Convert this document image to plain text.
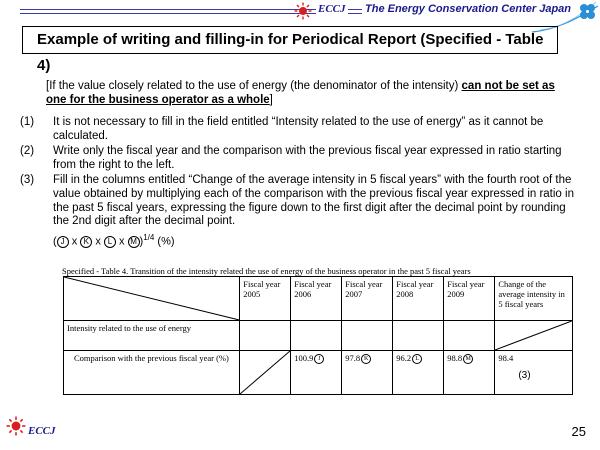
ECCJ The Energy Conservation Center Japan
Example of writing and filling-in for Periodical Report (Specified - Table 4)
[If the value closely related to the use of energy (the denominator of the intensity) can not be set as one for the business operator as a whole]
(1) It is not necessary to fill in the field entitled “Intensity related to the use of energy” as it cannot be calculated.
(2) Write only the fiscal year and the comparison with the previous fiscal year expressed in ratio starting from the right to the left.
(3) Fill in the columns entitled “Change of the average intensity in 5 fiscal years” with the fourth root of the value obtained by multiplying each of the comparison with the previous fiscal year expressed in ratio in the past 5 fiscal years, expressing the figure down to the first digit after the decimal point by rounding the 2nd digit after the decimal point.
( J x K x L x M )$^{1/4}$ (%)
Specified - Table 4. Transition of the intensity related the use of energy of the business operator in the past 5 fiscal years
	Fiscal year 2005	Fiscal year 2006	Fiscal year 2007	Fiscal year 2008	Fiscal year 2009	Change of the average intensity in 5 fiscal years
Intensity related to the use of energy						

Comparison with the previous fiscal year (%)		100.9 J	97.8 K	96.2 L	98.8 M	98.4
(3)
ECCJ	25
